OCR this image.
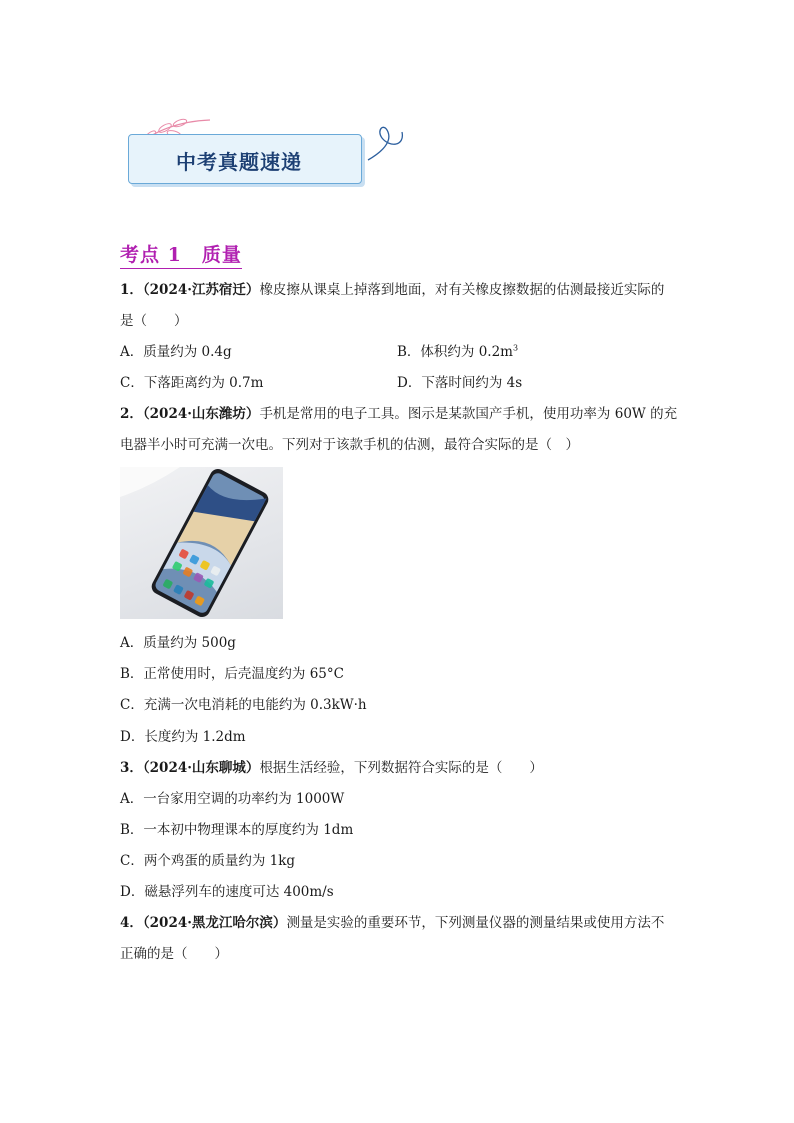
中考真题速递
考点 1　质量
1．（2024·江苏宿迁）橡皮擦从课桌上掉落到地面，对有关橡皮擦数据的估测最接近实际的
是（　　）
A．质量约为 0.4g	B．体积约为 $0.2m^3$
C．下落距离约为 0.7m	D．下落时间约为 4s
2．（2024·山东潍坊）手机是常用的电子工具。图示是某款国产手机，使用功率为 60W 的充
电器半小时可充满一次电。下列对于该款手机的估测，最符合实际的是（　）
A．质量约为 500g
B．正常使用时，后壳温度约为 65°C
C．充满一次电消耗的电能约为 0.3kW·h
D．长度约为 1.2dm
3．（2024·山东聊城）根据生活经验，下列数据符合实际的是（　　）
A．一台家用空调的功率约为 1000W
B．一本初中物理课本的厚度约为 1dm
C．两个鸡蛋的质量约为 1kg
D．磁悬浮列车的速度可达 400m/s
4．（2024·黑龙江哈尔滨）测量是实验的重要环节，下列测量仪器的测量结果或使用方法不
正确的是（　　）
